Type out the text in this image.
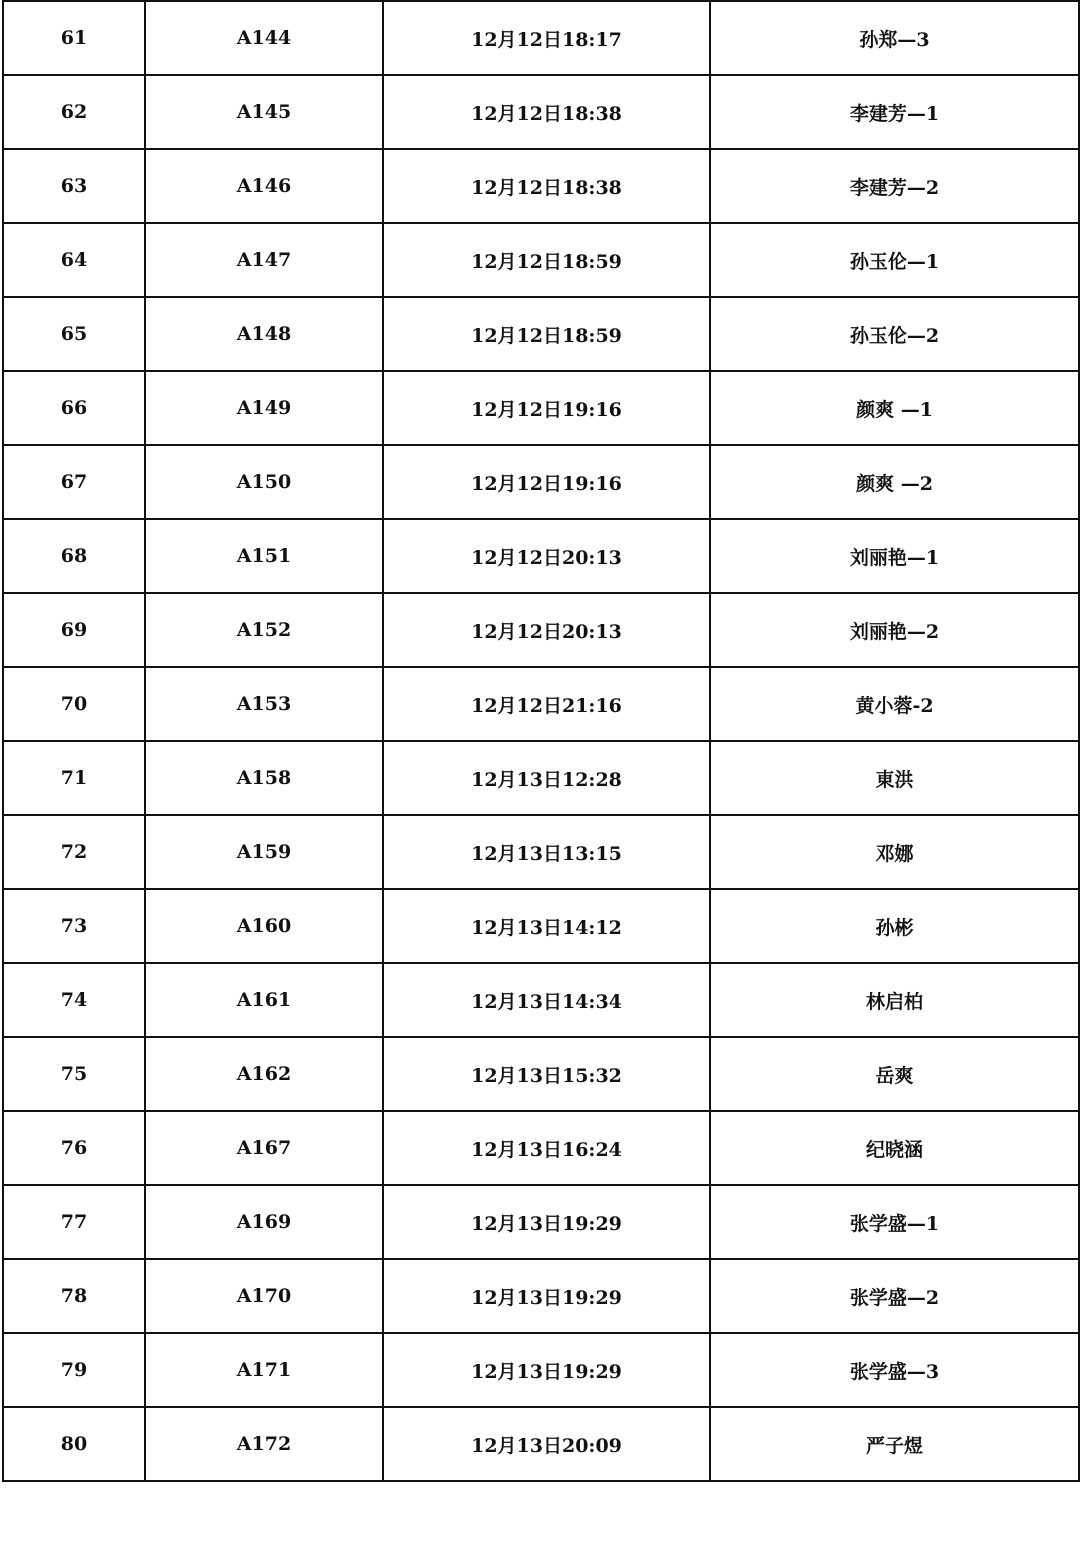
61	A144	12月12日18:17	孙郑—3
62	A145	12月12日18:38	李建芳—1
63	A146	12月12日18:38	李建芳—2
64	A147	12月12日18:59	孙玉伦—1
65	A148	12月12日18:59	孙玉伦—2
66	A149	12月12日19:16	颜爽 —1
67	A150	12月12日19:16	颜爽 —2
68	A151	12月12日20:13	刘丽艳—1
69	A152	12月12日20:13	刘丽艳—2
70	A153	12月12日21:16	黄小蓉-2
71	A158	12月13日12:28	東洪
72	A159	12月13日13:15	邓娜
73	A160	12月13日14:12	孙彬
74	A161	12月13日14:34	林启柏
75	A162	12月13日15:32	岳爽
76	A167	12月13日16:24	纪晓涵
77	A169	12月13日19:29	张学盛—1
78	A170	12月13日19:29	张学盛—2
79	A171	12月13日19:29	张学盛—3
80	A172	12月13日20:09	严子煜
